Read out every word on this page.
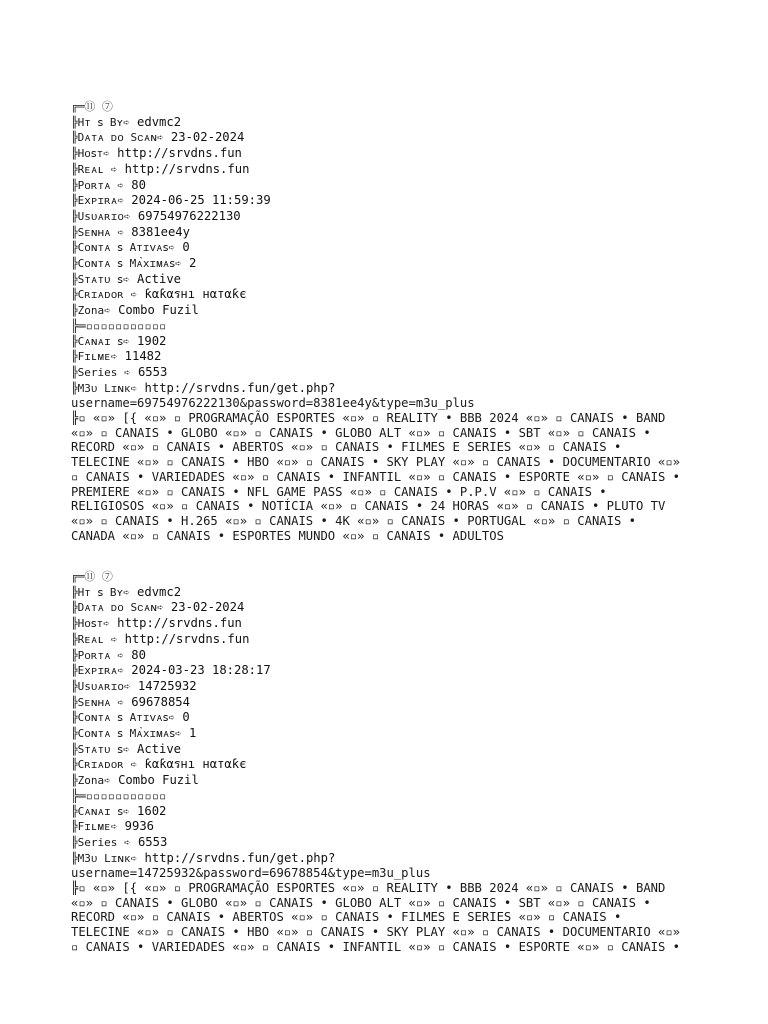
╔═⑪ ⑦
╠Hᴛ ꜱ Bʏ➪ edvmc2
╠Dᴀᴛᴀ ᴅᴏ Sᴄᴀɴ➪ 23-02-2024
╠Hᴏꜱᴛ➪ http://srvdns.fun
╠Rᴇᴀʟ ➪ http://srvdns.fun
╠Pᴏʀᴛᴀ ➪ 80
╠Exᴘɪʀᴀ➪ 2024-06-25 11:59:39
╠Usᴜᴀʀɪᴏ➪ 69754976222130
╠Sᴇɴʜᴀ ➪ 8381ee4y
╠Cᴏɴᴛᴀ ꜱ Aᴛɪᴠᴀꜱ➪ 0
╠Cᴏɴᴛᴀ ꜱ Mᴀ̀xɪᴍᴀꜱ➪ 2
╠Sᴛᴀᴛᴜ ꜱ➪ Active
╠Cʀɪᴀᴅᴏʀ ➪ ƙαƙαรнı нαтαƙє
╠Zona➪ Combo Fuzil
╠═▫▫▫▫▫▫▫▫▫▫▫
╠Cᴀɴᴀɪ ꜱ➪ 1902
╠Fɪʟᴍᴇ➪ 11482
╠Series ➪ 6553
╠M3ᴜ Lɪɴᴋ➪ http://srvdns.fun/get.php?
username=69754976222130&password=8381ee4y&type=m3u_plus
╠▫ «▫» [{ «▫» ▫ PROGRAMAÇÃO ESPORTES «▫» ▫ REALITY • BBB 2024 «▫» ▫ CANAIS • BAND
«▫» ▫ CANAIS • GLOBO «▫» ▫ CANAIS • GLOBO ALT «▫» ▫ CANAIS • SBT «▫» ▫ CANAIS •
RECORD «▫» ▫ CANAIS • ABERTOS «▫» ▫ CANAIS • FILMES E SERIES «▫» ▫ CANAIS •
TELECINE «▫» ▫ CANAIS • HBO «▫» ▫ CANAIS • SKY PLAY «▫» ▫ CANAIS • DOCUMENTARIO «▫»
▫ CANAIS • VARIEDADES «▫» ▫ CANAIS • INFANTIL «▫» ▫ CANAIS • ESPORTE «▫» ▫ CANAIS •
PREMIERE «▫» ▫ CANAIS • NFL GAME PASS «▫» ▫ CANAIS • P.P.V «▫» ▫ CANAIS •
RELIGIOSOS «▫» ▫ CANAIS • NOTÍCIA «▫» ▫ CANAIS • 24 HORAS «▫» ▫ CANAIS • PLUTO TV
«▫» ▫ CANAIS • H.265 «▫» ▫ CANAIS • 4K «▫» ▫ CANAIS • PORTUGAL «▫» ▫ CANAIS •
CANADA «▫» ▫ CANAIS • ESPORTES MUNDO «▫» ▫ CANAIS • ADULTOS
╔═⑪ ⑦
╠Hᴛ ꜱ Bʏ➪ edvmc2
╠Dᴀᴛᴀ ᴅᴏ Sᴄᴀɴ➪ 23-02-2024
╠Hᴏꜱᴛ➪ http://srvdns.fun
╠Rᴇᴀʟ ➪ http://srvdns.fun
╠Pᴏʀᴛᴀ ➪ 80
╠Exᴘɪʀᴀ➪ 2024-03-23 18:28:17
╠Usᴜᴀʀɪᴏ➪ 14725932
╠Sᴇɴʜᴀ ➪ 69678854
╠Cᴏɴᴛᴀ ꜱ Aᴛɪᴠᴀꜱ➪ 0
╠Cᴏɴᴛᴀ ꜱ Mᴀ̀xɪᴍᴀꜱ➪ 1
╠Sᴛᴀᴛᴜ ꜱ➪ Active
╠Cʀɪᴀᴅᴏʀ ➪ ƙαƙαรнı нαтαƙє
╠Zona➪ Combo Fuzil
╠═▫▫▫▫▫▫▫▫▫▫▫
╠Cᴀɴᴀɪ ꜱ➪ 1602
╠Fɪʟᴍᴇ➪ 9936
╠Series ➪ 6553
╠M3ᴜ Lɪɴᴋ➪ http://srvdns.fun/get.php?
username=14725932&password=69678854&type=m3u_plus
╠▫ «▫» [{ «▫» ▫ PROGRAMAÇÃO ESPORTES «▫» ▫ REALITY • BBB 2024 «▫» ▫ CANAIS • BAND
«▫» ▫ CANAIS • GLOBO «▫» ▫ CANAIS • GLOBO ALT «▫» ▫ CANAIS • SBT «▫» ▫ CANAIS •
RECORD «▫» ▫ CANAIS • ABERTOS «▫» ▫ CANAIS • FILMES E SERIES «▫» ▫ CANAIS •
TELECINE «▫» ▫ CANAIS • HBO «▫» ▫ CANAIS • SKY PLAY «▫» ▫ CANAIS • DOCUMENTARIO «▫»
▫ CANAIS • VARIEDADES «▫» ▫ CANAIS • INFANTIL «▫» ▫ CANAIS • ESPORTE «▫» ▫ CANAIS •
